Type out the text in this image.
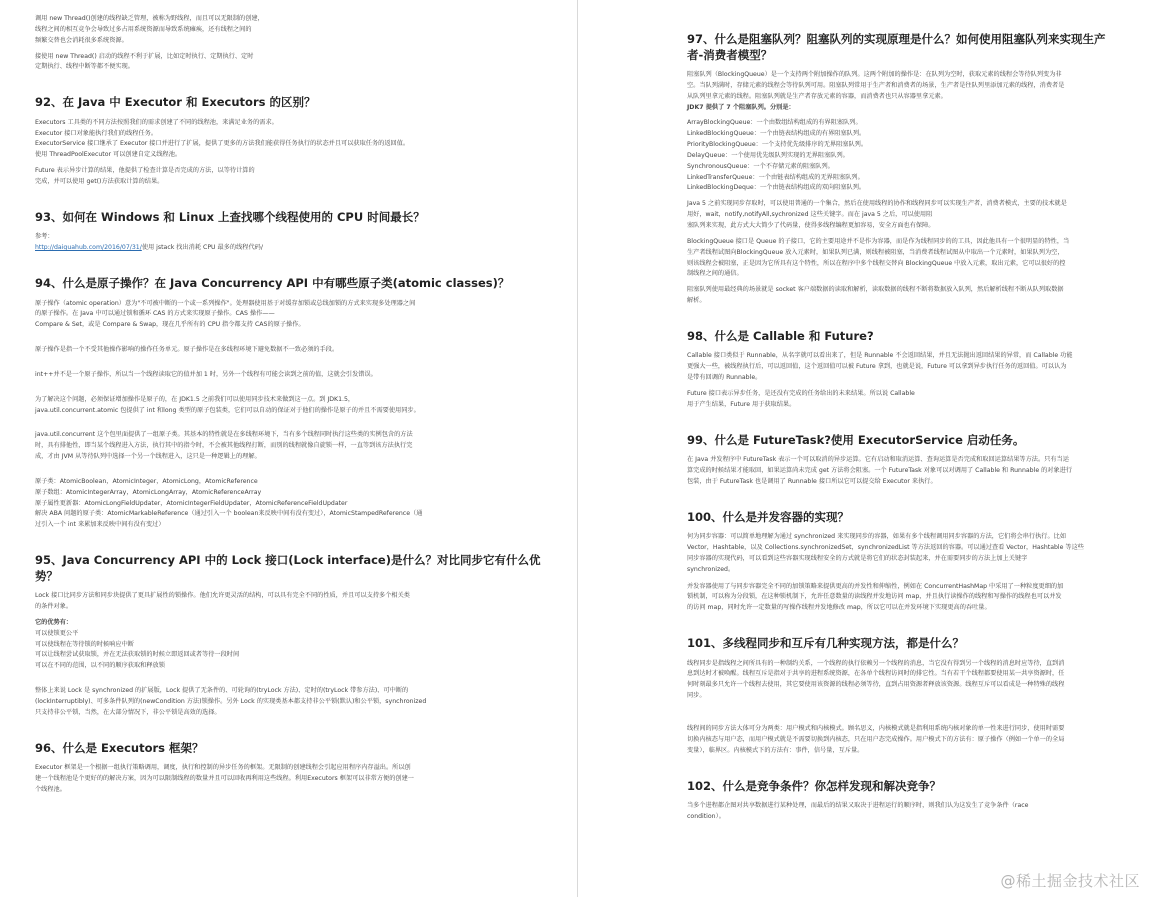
调用 new Thread()创建的线程缺乏管理，被称为野线程，而且可以无限制的创建，
线程之间的相互竞争会导致过多占用系统资源而导致系统瘫痪，还有线程之间的
频繁交替也会消耗很多系统资源。
接使用 new Thread() 启动的线程不利于扩展，比如定时执行、定期执行、定时
定期执行、线程中断等都不便实现。
92、在 Java 中 Executor 和 Executors 的区别？
Executors 工具类的不同方法按照我们的需求创建了不同的线程池，来满足业务的需求。
Executor 接口对象能执行我们的线程任务。
ExecutorService 接口继承了 Executor 接口并进行了扩展，提供了更多的方法我们能获得任务执行的状态并且可以获取任务的返回值。
使用 ThreadPoolExecutor 可以创建自定义线程池。
Future 表示异步计算的结果，他提供了检查计算是否完成的方法，以等待计算的
完成，并可以使用 get()方法获取计算的结果。
93、如何在 Windows 和 Linux 上查找哪个线程使用的 CPU 时间最长？
参考：
http://daiguahub.com/2016/07/31/使用 jstack 找出消耗 CPU 最多的线程代码/
94、什么是原子操作？在 Java Concurrency API 中有哪些原子类(atomic classes)？
原子操作（atomic operation）意为"不可被中断的一个或一系列操作"。处理器使用基于对缓存加锁或总线加锁的方式来实现多处理器之间
的原子操作。在 Java 中可以通过锁和循环 CAS 的方式来实现原子操作。CAS 操作——
Compare & Set，或是 Compare & Swap，现在几乎所有的 CPU 指令都支持 CAS的原子操作。
原子操作是指一个不受其他操作影响的操作任务单元。原子操作是在多线程环境下避免数据不一致必须的手段。
int++并不是一个原子操作，所以当一个线程读取它的值并加 1 时，另外一个线程有可能会读到之前的值，这就会引发错误。
为了解决这个问题，必须保证增加操作是原子的，在 JDK1.5 之前我们可以使用同步技术来做到这一点。到 JDK1.5，
java.util.concurrent.atomic 包提供了 int 和long 类型的原子包装类，它们可以自动的保证对于他们的操作是原子的并且不需要使用同步。
java.util.concurrent 这个包里面提供了一组原子类。其基本的特性就是在多线程环境下，当有多个线程同时执行这些类的实例包含的方法
时，具有排他性，即当某个线程进入方法，执行其中的指令时，不会被其他线程打断，而别的线程就像自旋锁一样，一直等到该方法执行完
成，才由 JVM 从等待队列中选择一个另一个线程进入，这只是一种逻辑上的理解。
原子类：AtomicBoolean，AtomicInteger，AtomicLong，AtomicReference
原子数组：AtomicIntegerArray，AtomicLongArray，AtomicReferenceArray
原子属性更新器：AtomicLongFieldUpdater，AtomicIntegerFieldUpdater，AtomicReferenceFieldUpdater
解决 ABA 问题的原子类：AtomicMarkableReference（通过引入一个 boolean来反映中间有没有变过），AtomicStampedReference（通
过引入一个 int 来累加来反映中间有没有变过）
95、Java Concurrency API 中的 Lock 接口(Lock interface)是什么？对比同步它有什么优势？
Lock 接口比同步方法和同步块提供了更具扩展性的锁操作。他们允许更灵活的结构，可以具有完全不同的性质，并且可以支持多个相关类
的条件对象。
它的优势有：
可以使锁更公平
可以使线程在等待锁的时候响应中断
可以让线程尝试获取锁，并在无法获取锁的时候立即返回或者等待一段时间
可以在不同的范围，以不同的顺序获取和释放锁
整体上来说 Lock 是 synchronized 的扩展版，Lock 提供了无条件的、可轮询的(tryLock 方法)、定时的(tryLock 带参方法)、可中断的
(lockInterruptibly)、可多条件队列的(newCondition 方法)锁操作。另外 Lock 的实现类基本都支持非公平锁(默认)和公平锁，synchronized
只支持非公平锁，当然，在大部分情况下，非公平锁是高效的选择。
96、什么是 Executors 框架？
Executor 框架是一个根据一组执行策略调用，调度，执行和控制的异步任务的框架。无限制的创建线程会引起应用程序内存溢出。所以创
建一个线程池是个更好的的解决方案，因为可以限制线程的数量并且可以回收再利用这些线程。利用Executors 框架可以非常方便的创建一
个线程池。
97、什么是阻塞队列？阻塞队列的实现原理是什么？如何使用阻塞队列来实现生产者-消费者模型？
阻塞队列（BlockingQueue）是一个支持两个附加操作的队列。这两个附加的操作是：在队列为空时，获取元素的线程会等待队列变为非
空。当队列满时，存储元素的线程会等待队列可用。阻塞队列常用于生产者和消费者的场景，生产者是往队列里添加元素的线程，消费者是
从队列里拿元素的线程。阻塞队列就是生产者存放元素的容器，而消费者也只从容器里拿元素。
JDK7 提供了 7 个阻塞队列。分别是：
ArrayBlockingQueue：一个由数组结构组成的有界阻塞队列。
LinkedBlockingQueue：一个由链表结构组成的有界阻塞队列。
PriorityBlockingQueue：一个支持优先级排序的无界阻塞队列。
DelayQueue：一个使用优先级队列实现的无界阻塞队列。
SynchronousQueue：一个不存储元素的阻塞队列。
LinkedTransferQueue：一个由链表结构组成的无界阻塞队列。
LinkedBlockingDeque：一个由链表结构组成的双向阻塞队列。
Java 5 之前实现同步存取时，可以使用普通的一个集合，然后在使用线程的协作和线程同步可以实现生产者，消费者模式，主要的技术就是
用好，wait，notify,notifyAll,sychronized 这些关键字。而在 java 5 之后，可以使用阻
塞队列来实现，此方式大大简少了代码量，使得多线程编程更加容易，安全方面也有保障。
BlockingQueue 接口是 Queue 的子接口，它的主要用途并不是作为容器，而是作为线程同步的的工具，因此他具有一个很明显的特性，当
生产者线程试图向BlockingQueue 放入元素时，如果队列已满，则线程被阻塞，当消费者线程试图从中取出一个元素时，如果队列为空，
则该线程会被阻塞，正是因为它所具有这个特性，所以在程序中多个线程交替向 BlockingQueue 中放入元素，取出元素，它可以很好的控
制线程之间的通信。
阻塞队列使用最经典的场景就是 socket 客户端数据的读取和解析，读取数据的线程不断将数据放入队列，然后解析线程不断从队列取数据
解析。
98、什么是 Callable 和 Future?
Callable 接口类似于 Runnable，从名字就可以看出来了，但是 Runnable 不会返回结果，并且无法抛出返回结果的异常，而 Callable 功能
更强大一些，被线程执行后，可以返回值，这个返回值可以被 Future 拿到，也就是说，Future 可以拿到异步执行任务的返回值。可以认为
是带有回调的 Runnable。
Future 接口表示异步任务，是还没有完成的任务给出的未来结果。所以说 Callable
用于产生结果，Future 用于获取结果。
99、什么是 FutureTask?使用 ExecutorService 启动任务。
在 Java 并发程序中 FutureTask 表示一个可以取消的异步运算。它有启动和取消运算、查询运算是否完成和取回运算结果等方法。只有当运
算完成的时候结果才能取回，如果运算尚未完成 get 方法将会阻塞。一个 FutureTask 对象可以对调用了 Callable 和 Runnable 的对象进行
包装，由于 FutureTask 也是调用了 Runnable 接口所以它可以提交给 Executor 来执行。
100、什么是并发容器的实现？
何为同步容器：可以简单地理解为通过 synchronized 来实现同步的容器，如果有多个线程调用同步容器的方法，它们将会串行执行。比如
Vector，Hashtable，以及 Collections.synchronizedSet，synchronizedList 等方法返回的容器。可以通过查看 Vector，Hashtable 等这些
同步容器的实现代码，可以看到这些容器实现线程安全的方式就是将它们的状态封装起来，并在需要同步的方法上加上关键字
synchronized。
并发容器使用了与同步容器完全不同的加锁策略来提供更高的并发性和伸缩性，例如在 ConcurrentHashMap 中采用了一种粒度更细的加
锁机制，可以称为分段锁，在这种锁机制下，允许任意数量的读线程并发地访问 map，并且执行读操作的线程和写操作的线程也可以并发
的访问 map，同时允许一定数量的写操作线程并发地修改 map，所以它可以在并发环境下实现更高的吞吐量。
101、多线程同步和互斥有几种实现方法，都是什么？
线程同步是指线程之间所具有的一种制约关系，一个线程的执行依赖另一个线程的消息，当它没有得到另一个线程的消息时应等待，直到消
息到达时才被唤醒。线程互斥是指对于共享的进程系统资源，在各单个线程访问时的排它性。当有若干个线程都要使用某一共享资源时，任
何时刻最多只允许一个线程去使用，其它要使用该资源的线程必须等待，直到占用资源者释放该资源。线程互斥可以看成是一种特殊的线程
同步。
线程间的同步方法大体可分为两类：用户模式和内核模式。顾名思义，内核模式就是指利用系统内核对象的单一性来进行同步，使用时需要
切换内核态与用户态，而用户模式就是不需要切换到内核态，只在用户态完成操作。用户模式下的方法有：原子操作（例如一个单一的全局
变量），临界区。内核模式下的方法有：事件，信号量，互斥量。
102、什么是竞争条件？你怎样发现和解决竞争？
当多个进程都企图对共享数据进行某种处理，而最后的结果又取决于进程运行的顺序时，则我们认为这发生了竞争条件（race
condition）。
@稀土掘金技术社区
